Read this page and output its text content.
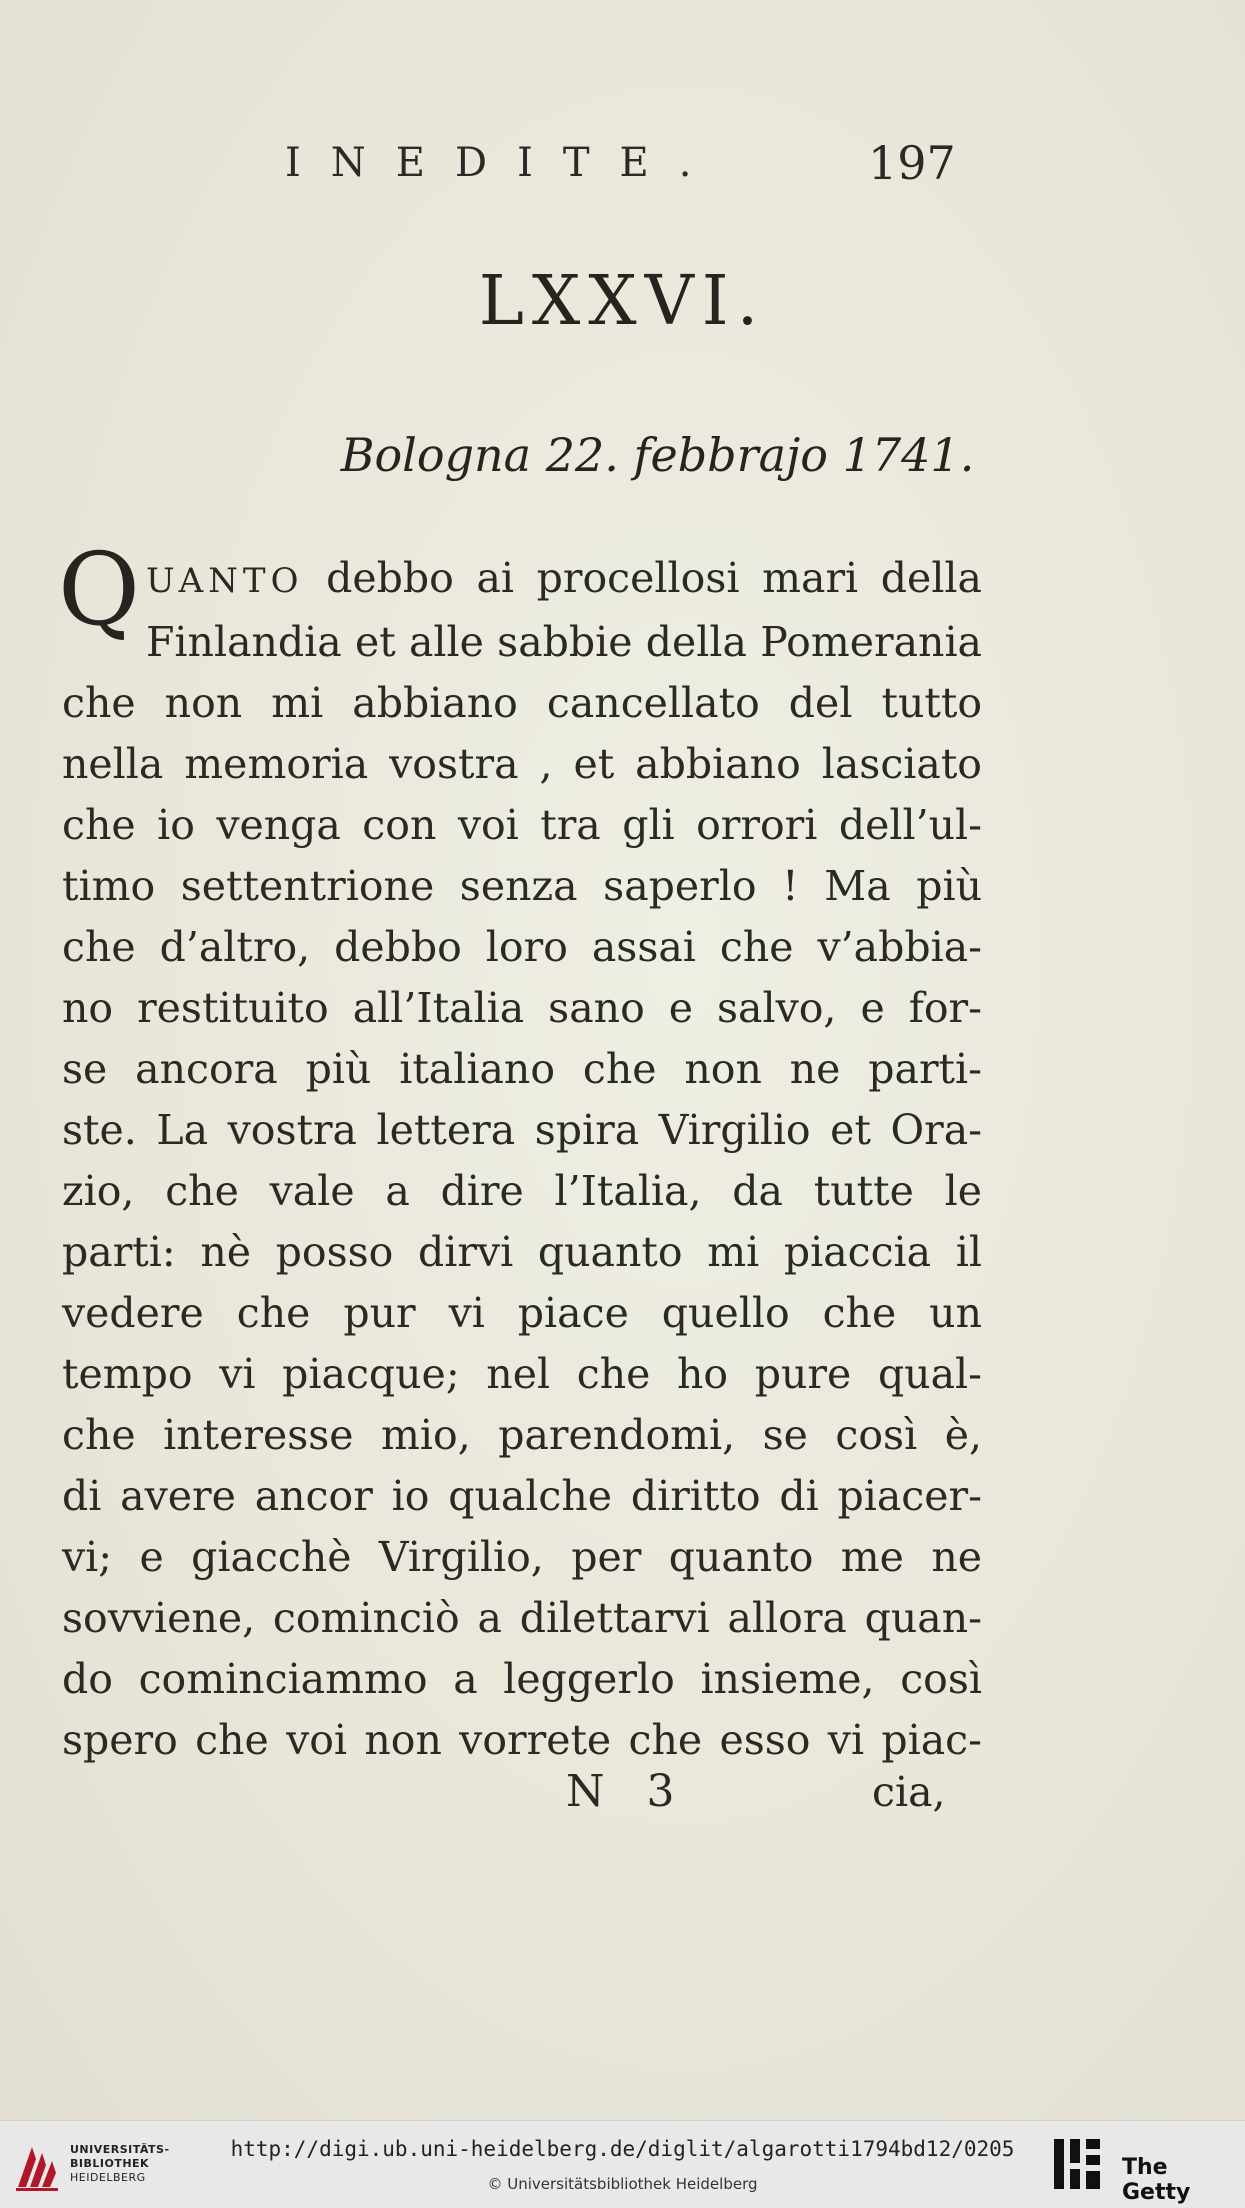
INEDITE.	197
LXXVI.
Bologna 22. febbrajo 1741.
Q UANTO debbo ai procellosi mari della
Finlandia et alle sabbie della Pomerania
che non mi abbiano cancellato del tutto
nella memoria vostra , et abbiano lasciato
che io venga con voi tra gli orrori dell’ul-
timo settentrione senza saperlo ! Ma più
che d’altro, debbo loro assai che v’abbia-
no restituito all’Italia sano e salvo, e for-
se ancora più italiano che non ne parti-
ste. La vostra lettera spira Virgilio et Ora-
zio, che vale a dire l’Italia, da tutte le
parti: nè posso dirvi quanto mi piaccia il
vedere che pur vi piace quello che un
tempo vi piacque; nel che ho pure qual-
che interesse mio, parendomi, se così è,
di avere ancor io qualche diritto di piacer-
vi; e giacchè Virgilio, per quanto me ne
sovviene, cominciò a dilettarvi allora quan-
do cominciammo a leggerlo insieme, così
spero che voi non vorrete che esso vi piac-
N 3	cia,
UNIVERSITÄTS-
BIBLIOTHEK
HEIDELBERG
http://digi.ub.uni-heidelberg.de/diglit/algarotti1794bd12/0205
© Universitätsbibliothek Heidelberg
The Getty
